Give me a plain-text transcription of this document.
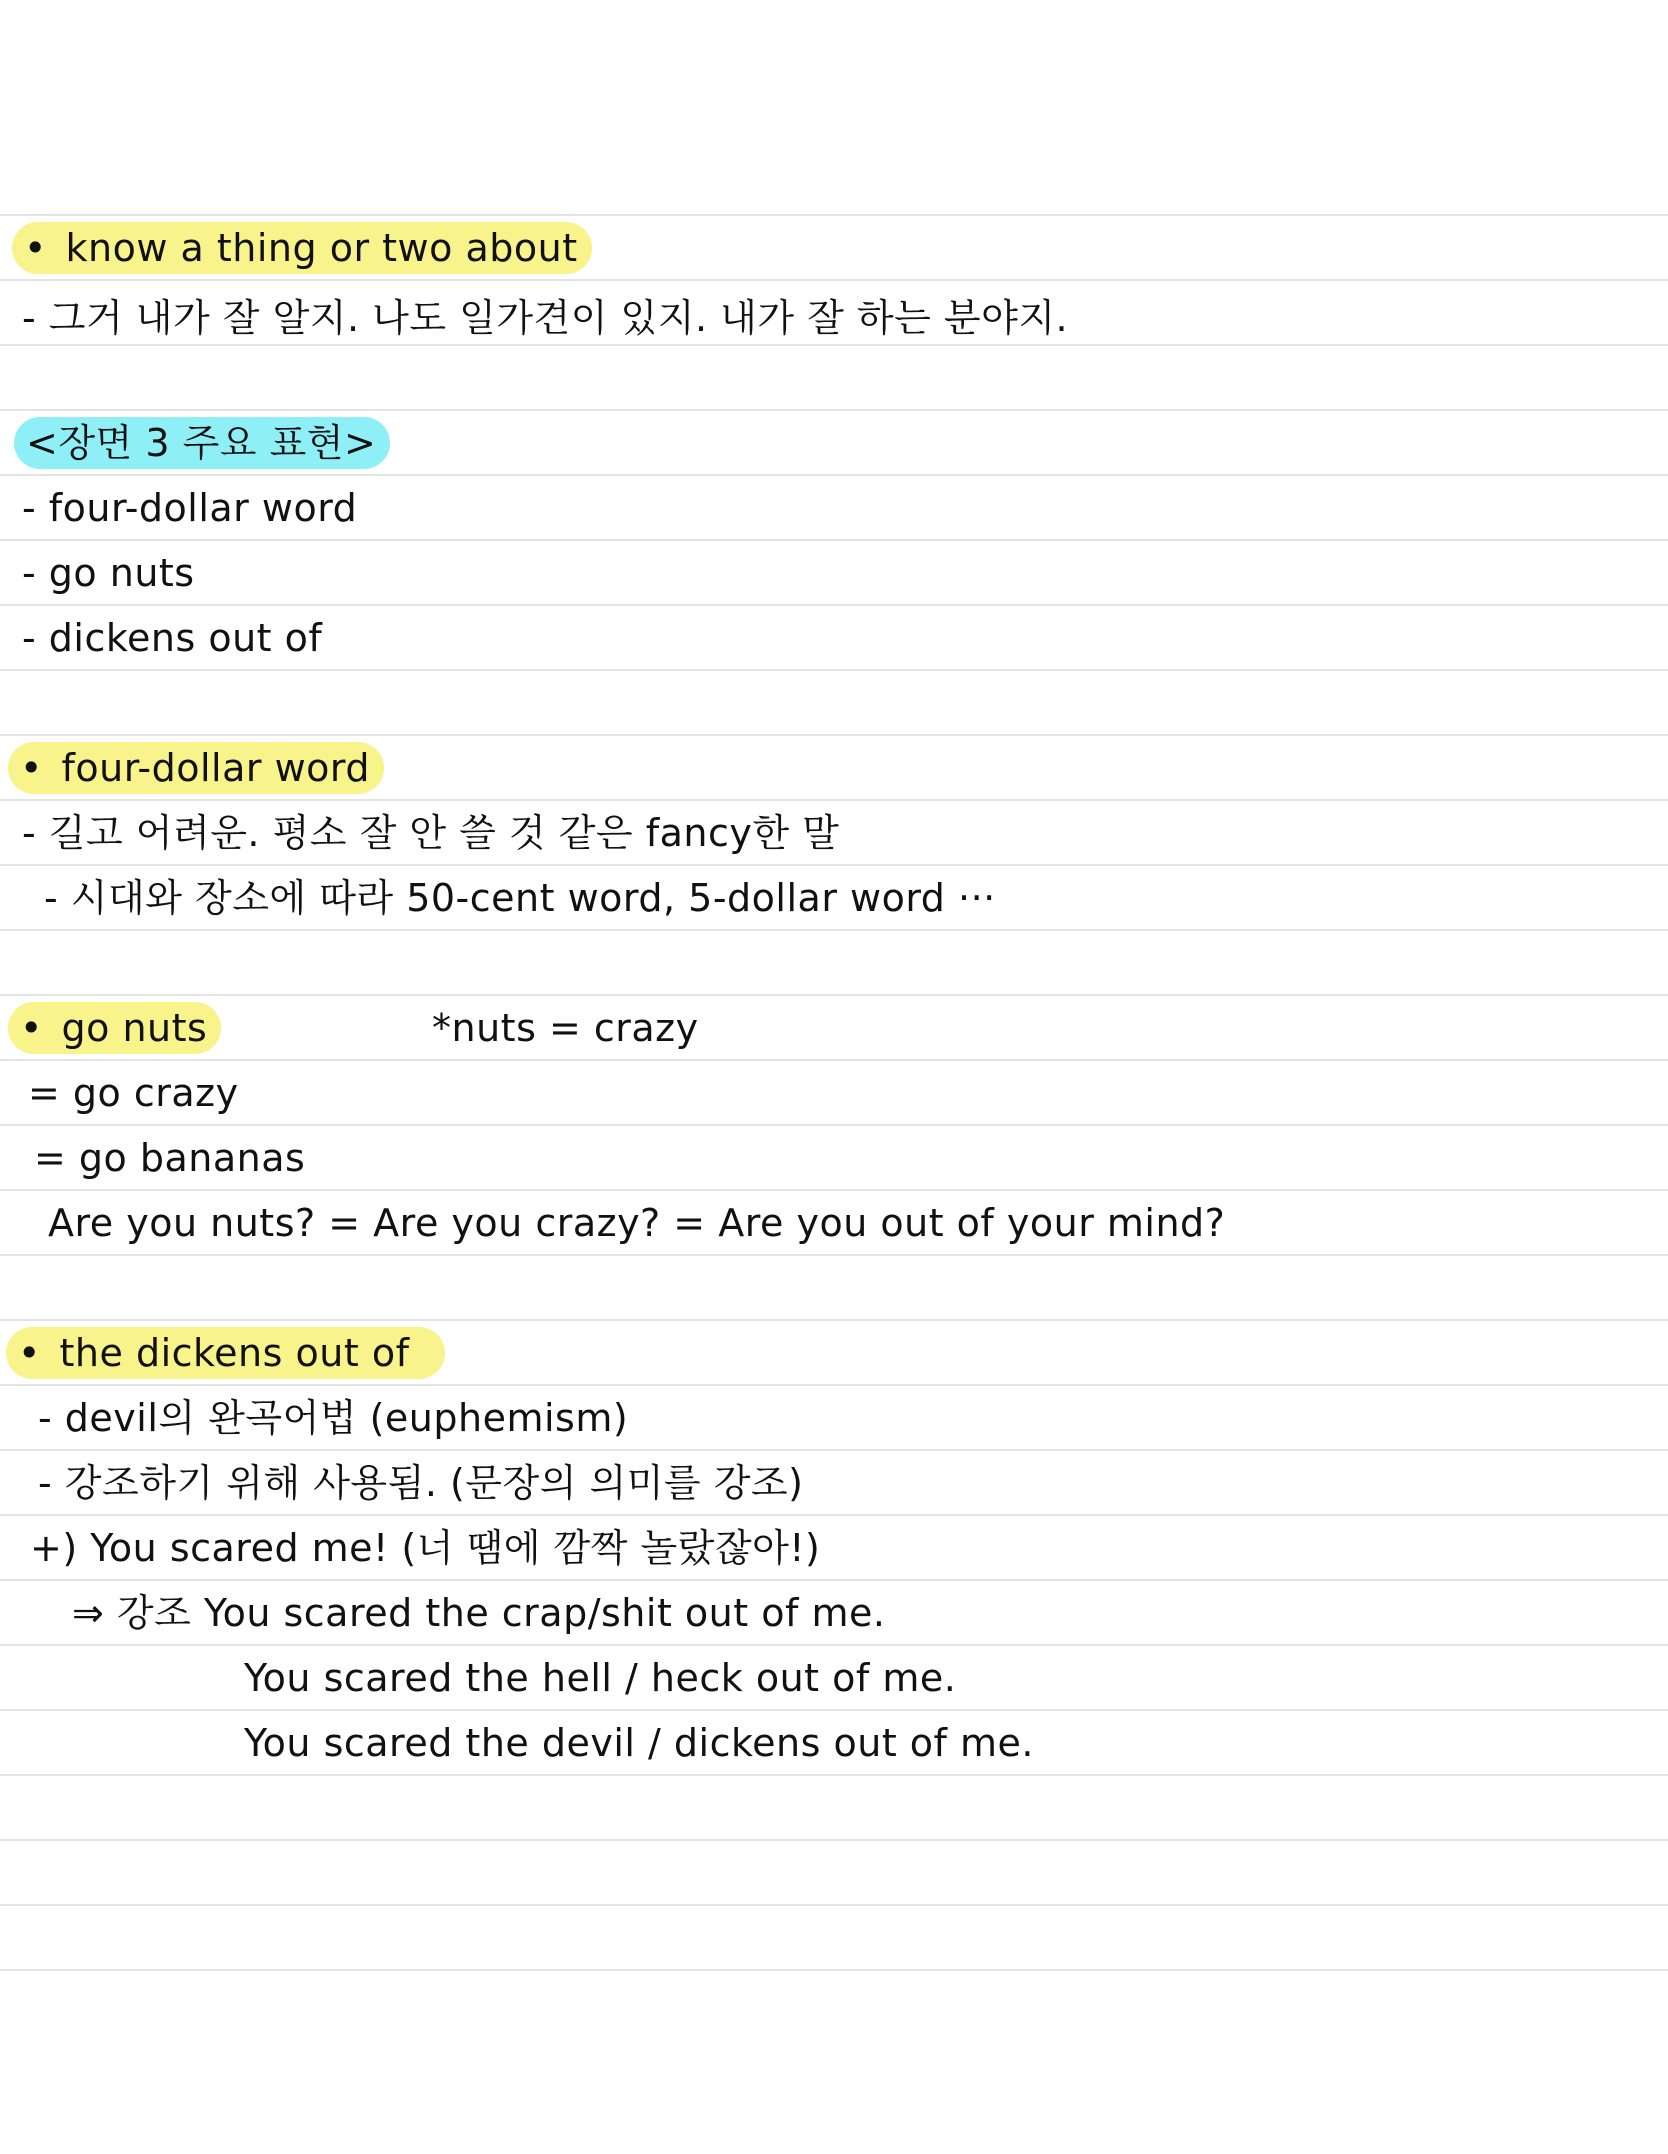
• know a thing or two about
- 그거 내가 잘 알지. 나도 일가견이 있지. 내가 잘 하는 분야지.
<장면 3 주요 표현>
- four-dollar word
- go nuts
- dickens out of
• four-dollar word
- 길고 어려운. 평소 잘 안 쓸 것 같은 fancy한 말
- 시대와 장소에 따라 50-cent word, 5-dollar word ···
• go nuts	*nuts = crazy
= go crazy
= go bananas
Are you nuts? = Are you crazy? = Are you out of your mind?
• the dickens out of
- devil의 완곡어법 (euphemism)
- 강조하기 위해 사용됨. (문장의 의미를 강조)
+) You scared me! (너 땜에 깜짝 놀랐잖아!)
⇒ 강조 You scared the crap/shit out of me.
You scared the hell / heck out of me.
You scared the devil / dickens out of me.
